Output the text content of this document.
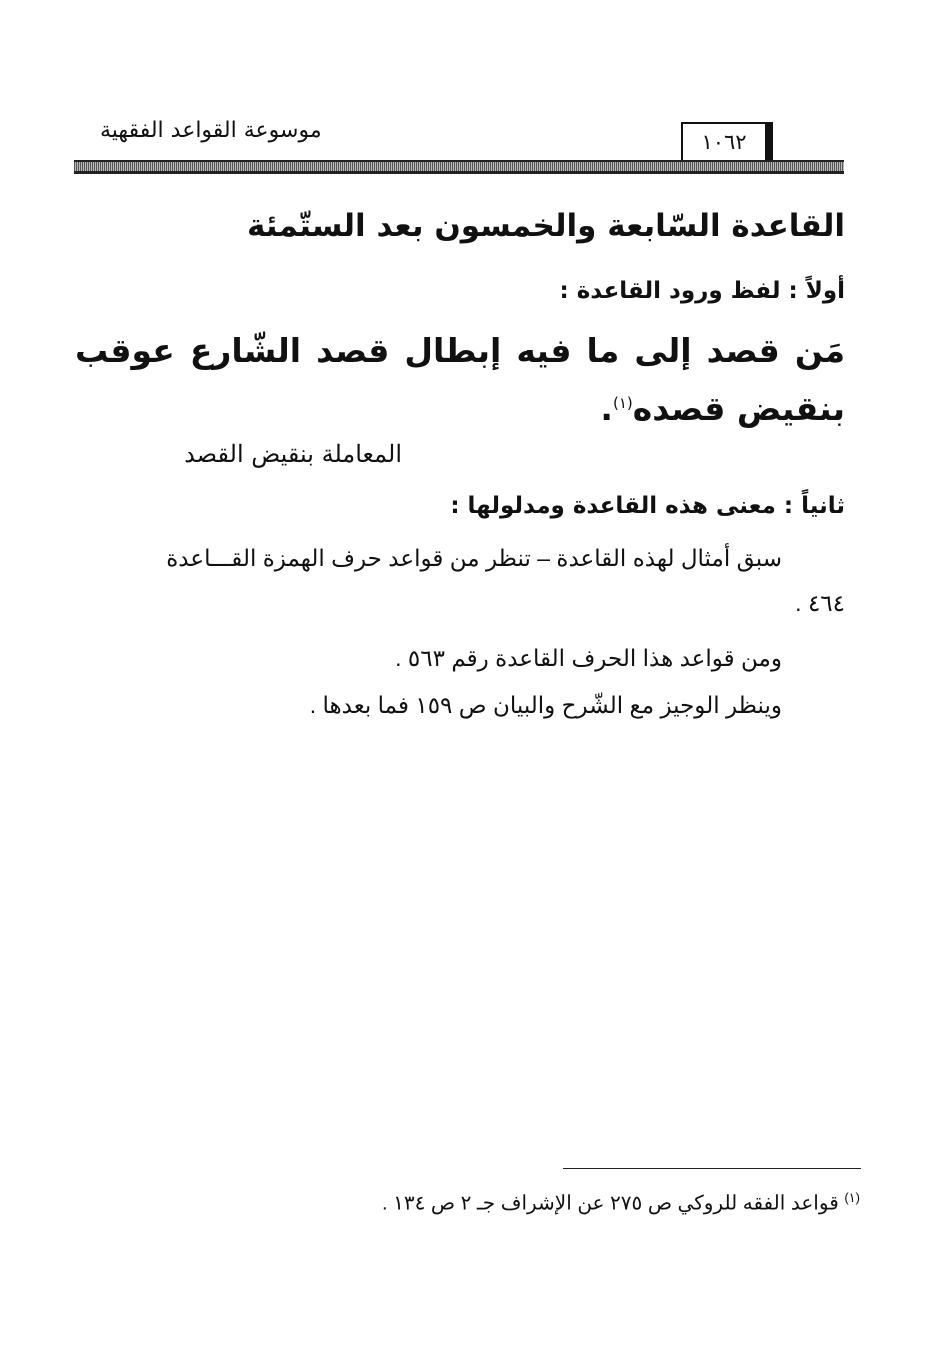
موسوعة القواعد الفقهية	١٠٦٢
القاعدة السّابعة والخمسون بعد الستّمئة
أولاً : لفظ ورود القاعدة :
مَن قصد إلى ما فيه إبطال قصد الشّارع عوقب بنقيض قصده$^{(١)}$.
المعاملة بنقيض القصد
ثانياً : معنى هذه القاعدة ومدلولها :
سبق أمثال لهذه القاعدة – تنظر من قواعد حرف الهمزة القـــاعدة
٤٦٤ .
ومن قواعد هذا الحرف القاعدة رقم ٥٦٣ .
وينظر الوجيز مع الشّرح والبيان ص ١٥٩ فما بعدها .
$^{(١)}$ قواعد الفقه للروكي ص ٢٧٥ عن الإشراف جـ ٢ ص ١٣٤ .
